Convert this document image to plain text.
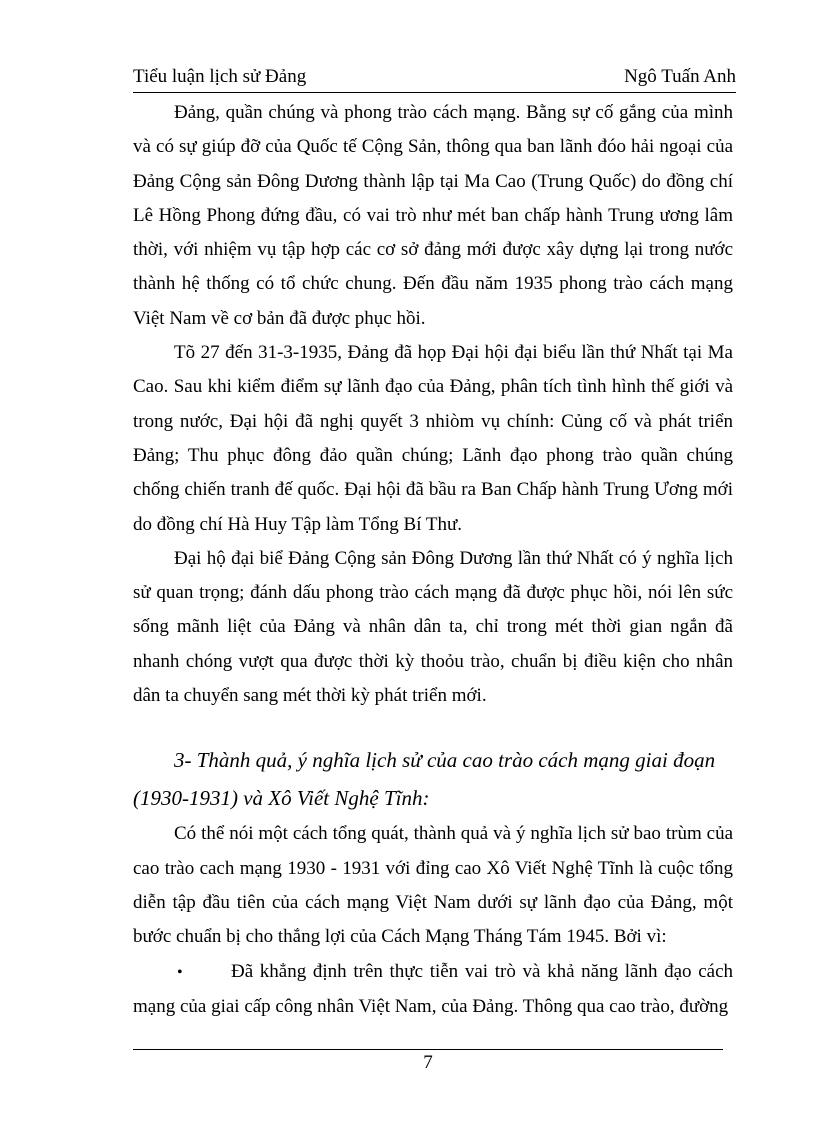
Tiểu luận lịch sử Đảng	Ngô Tuấn Anh

Đảng, quần chúng và phong trào cách mạng. Bằng sự cố gắng của mình và có sự giúp đỡ của Quốc tế Cộng Sản, thông qua ban lãnh đóo hải ngoại của Đảng Cộng sản Đông Dương thành lập tại Ma Cao (Trung Quốc) do đồng chí Lê Hồng Phong đứng đầu, có vai trò như mét ban chấp hành Trung ương lâm thời, với nhiệm vụ tập hợp các cơ sở đảng mới được xây dựng lại trong nước thành hệ thống có tổ chức chung. Đến đầu năm 1935 phong trào cách mạng Việt Nam về cơ bản đã được phục hồi.

Tõ 27 đến 31-3-1935, Đảng đã họp Đại hội đại biểu lần thứ Nhất tại Ma Cao. Sau khi kiểm điểm sự lãnh đạo của Đảng, phân tích tình hình thế giới và trong nước, Đại hội đã nghị quyết 3 nhiòm vụ chính: Củng cố và phát triển Đảng; Thu phục đông đảo quần chúng; Lãnh đạo phong trào quần chúng chống chiến tranh đế quốc. Đại hội đã bầu ra Ban Chấp hành Trung Ương mới do đồng chí Hà Huy Tập làm Tổng Bí Thư.

Đại hộ đại biể Đảng Cộng sản Đông Dương lần thứ Nhất có ý nghĩa lịch sử quan trọng; đánh dấu phong trào cách mạng đã được phục hồi, nói lên sức sống mãnh liệt của Đảng và nhân dân ta, chỉ trong mét thời gian ngắn đã nhanh chóng vượt qua được thời kỳ thoỏu trào, chuẩn bị điều kiện cho nhân dân ta chuyển sang mét thời kỳ phát triển mới.

3- Thành quả, ý nghĩa lịch sử của cao trào cách mạng giai đoạn (1930-1931) và Xô Viết Nghệ Tĩnh:

Có thể nói một cách tổng quát, thành quả và ý nghĩa lịch sử bao trùm của cao trào cach mạng 1930 - 1931 với đỉng cao Xô Viết Nghệ Tĩnh là cuộc tổng diễn tập đầu tiên của cách mạng Việt Nam dưới sự lãnh đạo của Đảng, một bước chuẩn bị cho thắng lợi của Cách Mạng Tháng Tám 1945. Bởi vì:

•	Đã khẳng định trên thực tiễn vai trò và khả năng lãnh đạo cách mạng của giai cấp công nhân Việt Nam, của Đảng. Thông qua cao trào, đường

7
